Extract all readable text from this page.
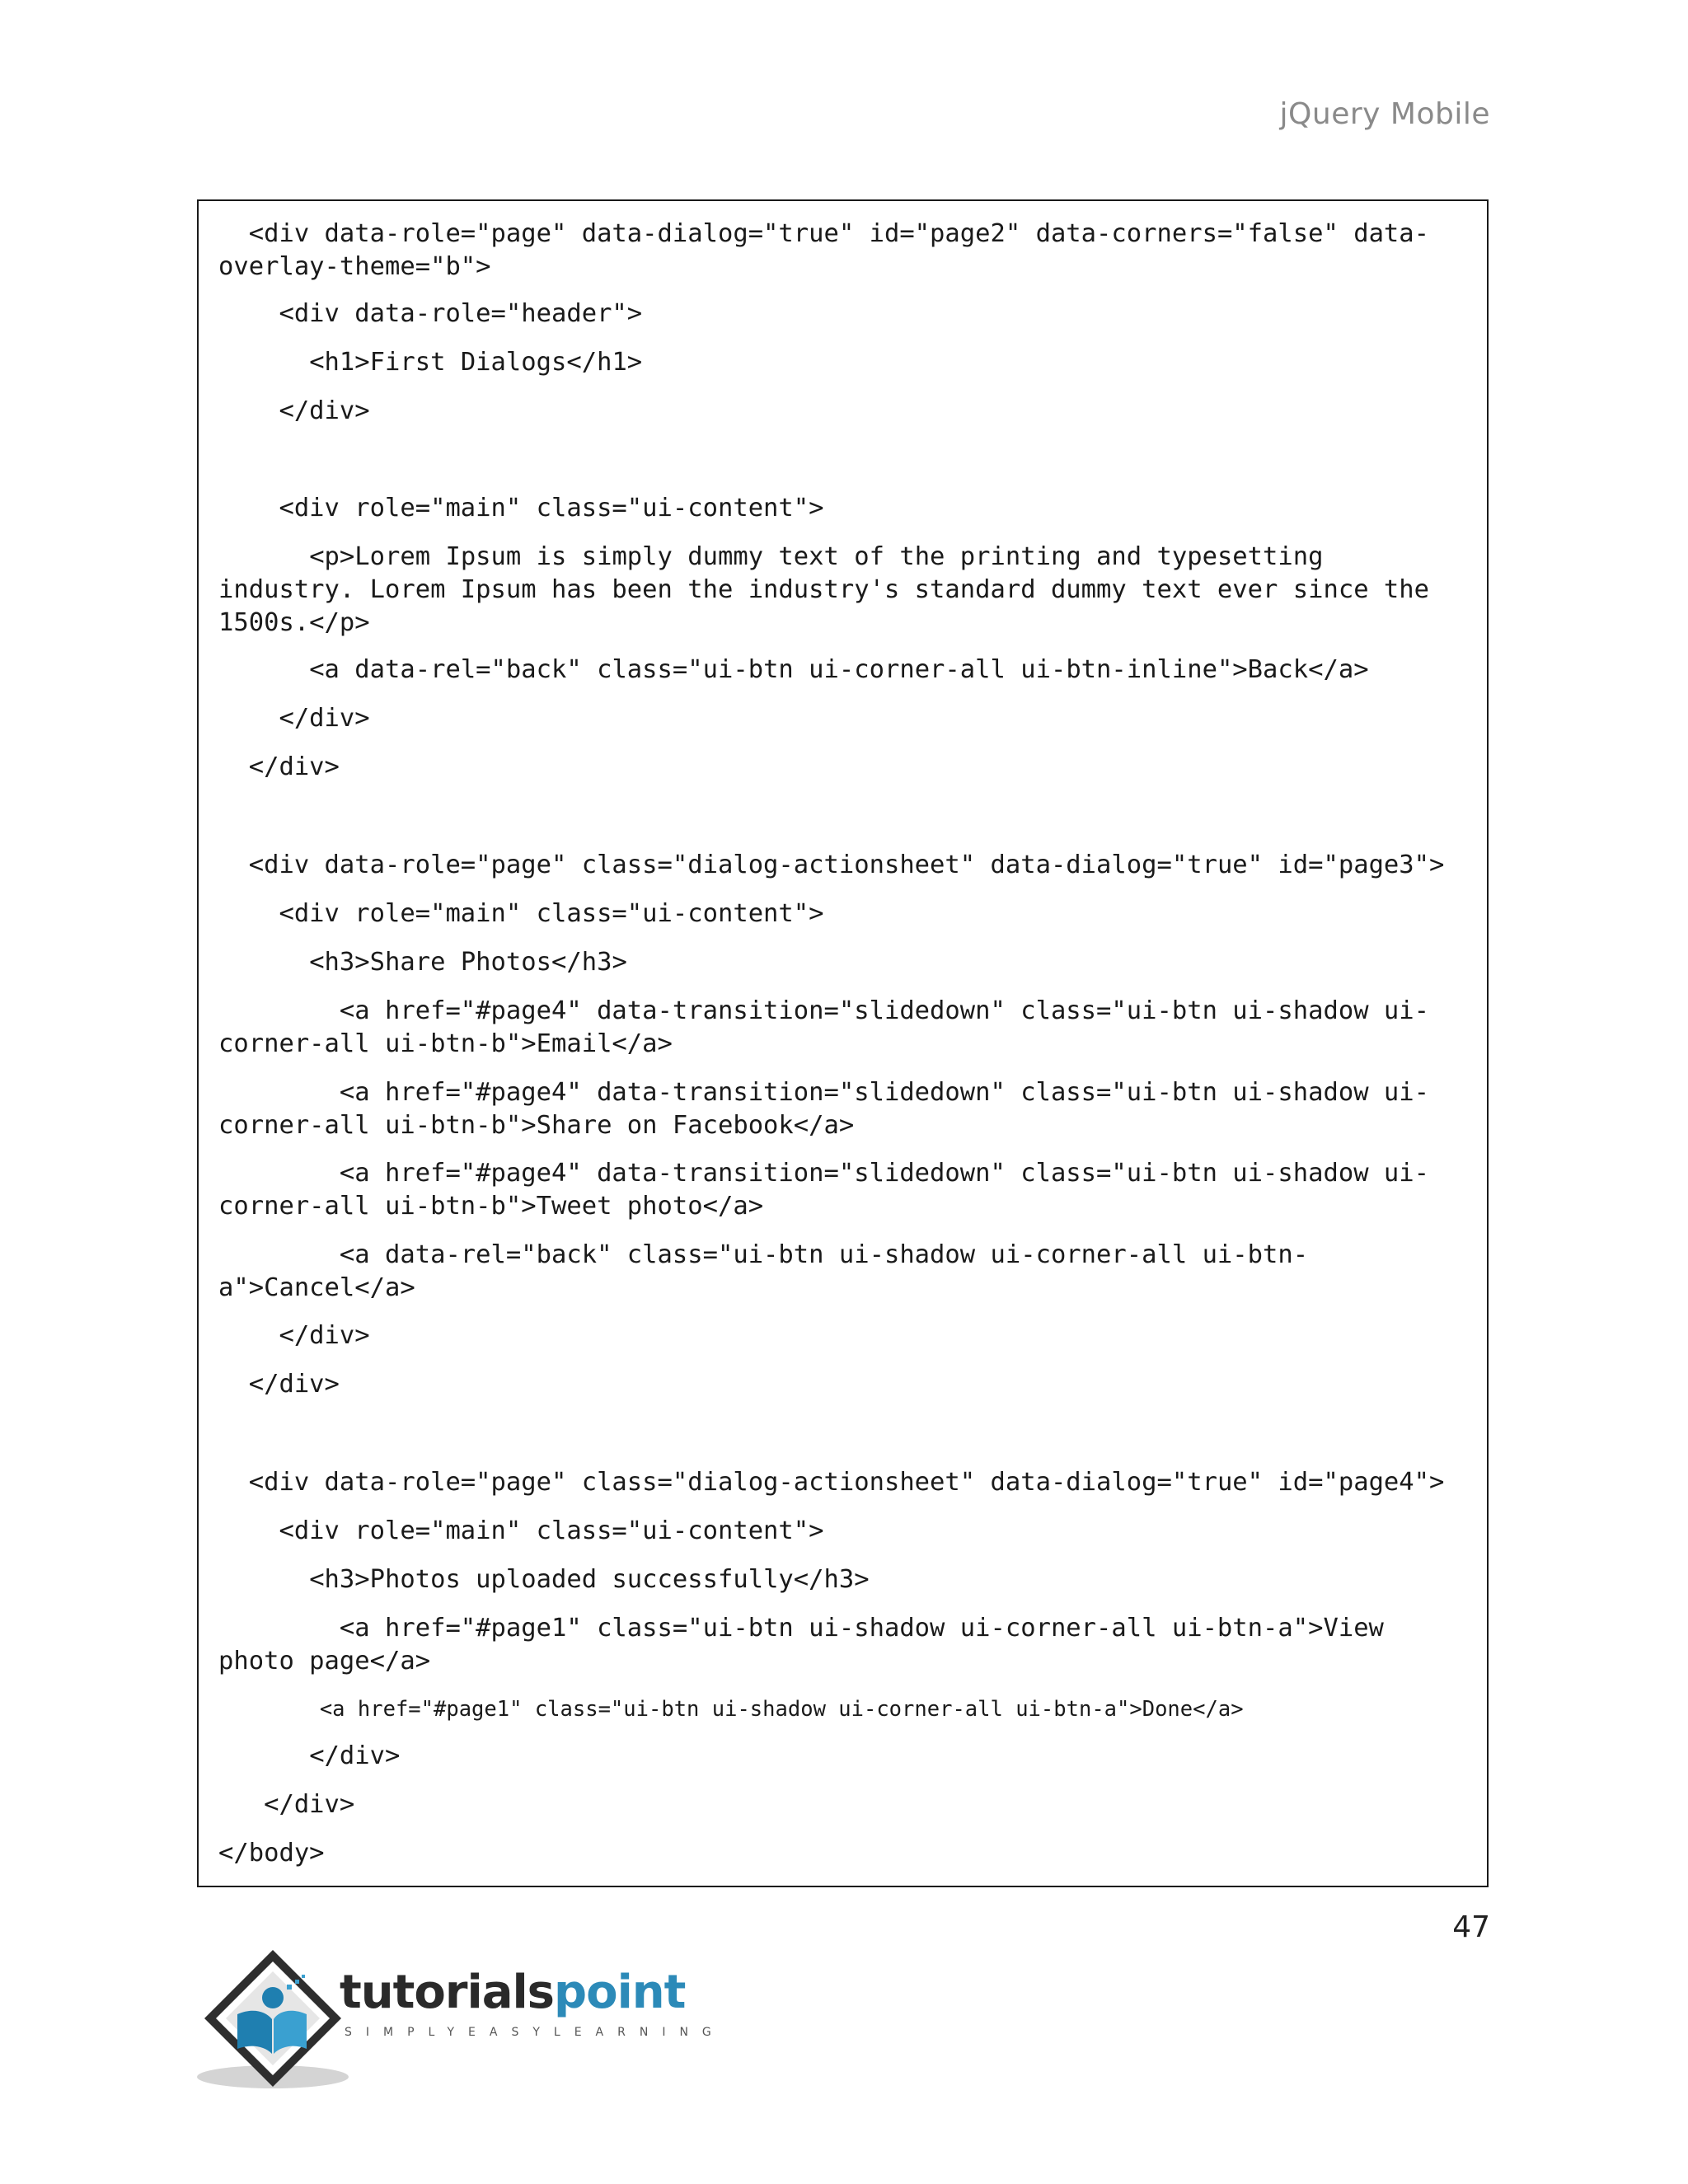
jQuery Mobile
<div data-role="page" data-dialog="true" id="page2" data-corners="false" data-overlay-theme="b">
<div data-role="header">
<h1>First Dialogs</h1>
</div>
<div role="main" class="ui-content">
<p>Lorem Ipsum is simply dummy text of the printing and typesetting industry. Lorem Ipsum has been the industry's standard dummy text ever since the 1500s.</p>
<a data-rel="back" class="ui-btn ui-corner-all ui-btn-inline">Back</a>
</div>
</div>
<div data-role="page" class="dialog-actionsheet" data-dialog="true" id="page3">
<div role="main" class="ui-content">
<h3>Share Photos</h3>
<a href="#page4" data-transition="slidedown" class="ui-btn ui-shadow ui-corner-all ui-btn-b">Email</a>
<a href="#page4" data-transition="slidedown" class="ui-btn ui-shadow ui-corner-all ui-btn-b">Share on Facebook</a>
<a href="#page4" data-transition="slidedown" class="ui-btn ui-shadow ui-corner-all ui-btn-b">Tweet photo</a>
<a data-rel="back" class="ui-btn ui-shadow ui-corner-all ui-btn-a">Cancel</a>
</div>
</div>
<div data-role="page" class="dialog-actionsheet" data-dialog="true" id="page4">
<div role="main" class="ui-content">
<h3>Photos uploaded successfully</h3>
<a href="#page1" class="ui-btn ui-shadow ui-corner-all ui-btn-a">View photo page</a>
<a href="#page1" class="ui-btn ui-shadow ui-corner-all ui-btn-a">Done</a>
</div>
</div>
</body>
47
tutorialspoint
SIMPLYEASYLEARNING
